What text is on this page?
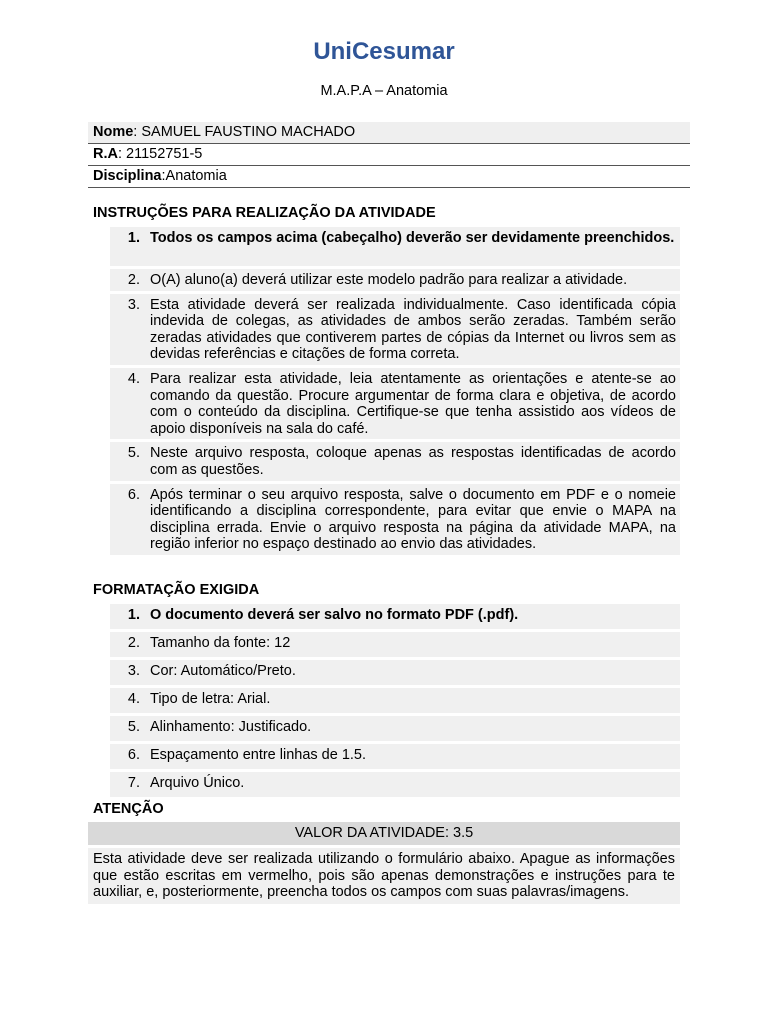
UniCesumar
M.A.P.A – Anatomia
Nome: SAMUEL FAUSTINO MACHADO
R.A: 21152751-5
Disciplina:Anatomia
INSTRUÇÕES PARA REALIZAÇÃO DA ATIVIDADE
1. Todos os campos acima (cabeçalho) deverão ser devidamente preenchidos.
2. O(A) aluno(a) deverá utilizar este modelo padrão para realizar a atividade.
3. Esta atividade deverá ser realizada individualmente. Caso identificada cópia indevida de colegas, as atividades de ambos serão zeradas. Também serão zeradas atividades que contiverem partes de cópias da Internet ou livros sem as devidas referências e citações de forma correta.
4. Para realizar esta atividade, leia atentamente as orientações e atente-se ao comando da questão. Procure argumentar de forma clara e objetiva, de acordo com o conteúdo da disciplina. Certifique-se que tenha assistido aos vídeos de apoio disponíveis na sala do café.
5. Neste arquivo resposta, coloque apenas as respostas identificadas de acordo com as questões.
6. Após terminar o seu arquivo resposta, salve o documento em PDF e o nomeie identificando a disciplina correspondente, para evitar que envie o MAPA na disciplina errada. Envie o arquivo resposta na página da atividade MAPA, na região inferior no espaço destinado ao envio das atividades.
FORMATAÇÃO EXIGIDA
1. O documento deverá ser salvo no formato PDF (.pdf).
2. Tamanho da fonte: 12
3. Cor: Automático/Preto.
4. Tipo de letra: Arial.
5. Alinhamento: Justificado.
6. Espaçamento entre linhas de 1.5.
7. Arquivo Único.
ATENÇÃO
VALOR DA ATIVIDADE: 3.5
Esta atividade deve ser realizada utilizando o formulário abaixo. Apague as informações que estão escritas em vermelho, pois são apenas demonstrações e instruções para te auxiliar, e, posteriormente, preencha todos os campos com suas palavras/imagens.
